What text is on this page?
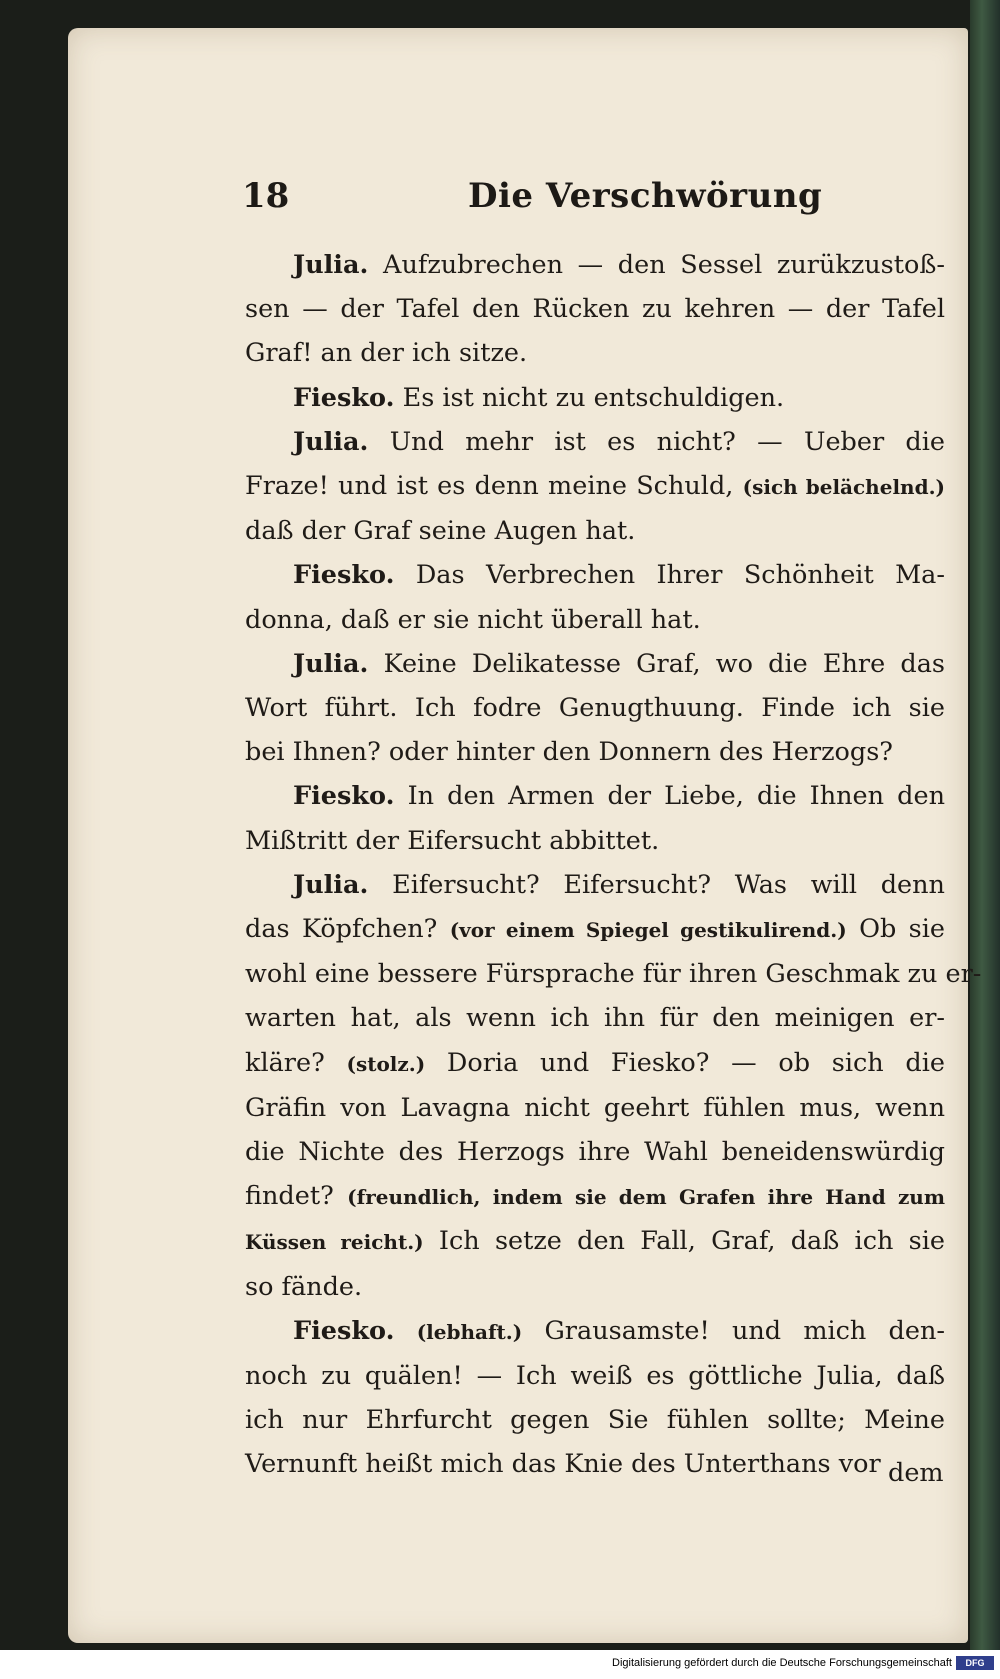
18	Die Verschwörung
Julia. Aufzubrechen — den Sessel zurükzustoß-
sen — der Tafel den Rücken zu kehren — der Tafel
Graf! an der ich sitze.
Fiesko. Es ist nicht zu entschuldigen.
Julia. Und mehr ist es nicht? — Ueber die
Fraze! und ist es denn meine Schuld, (sich belächelnd.)
daß der Graf seine Augen hat.
Fiesko. Das Verbrechen Ihrer Schönheit Ma-
donna, daß er sie nicht überall hat.
Julia. Keine Delikatesse Graf, wo die Ehre das
Wort führt. Ich fodre Genugthuung. Finde ich sie
bei Ihnen? oder hinter den Donnern des Herzogs?
Fiesko. In den Armen der Liebe, die Ihnen den
Mißtritt der Eifersucht abbittet.
Julia. Eifersucht? Eifersucht? Was will denn
das Köpfchen? (vor einem Spiegel gestikulirend.) Ob sie
wohl eine bessere Fürsprache für ihren Geschmak zu er-
warten hat, als wenn ich ihn für den meinigen er-
kläre? (stolz.) Doria und Fiesko? — ob sich die
Gräfin von Lavagna nicht geehrt fühlen mus, wenn
die Nichte des Herzogs ihre Wahl beneidenswürdig
findet? (freundlich, indem sie dem Grafen ihre Hand zum
Küssen reicht.) Ich setze den Fall, Graf, daß ich sie
so fände.
Fiesko. (lebhaft.) Grausamste! und mich den-
noch zu quälen! — Ich weiß es göttliche Julia, daß
ich nur Ehrfurcht gegen Sie fühlen sollte; Meine
Vernunft heißt mich das Knie des Unterthans vor dem
Digitalisierung gefördert durch die Deutsche Forschungsgemeinschaft	DFG
